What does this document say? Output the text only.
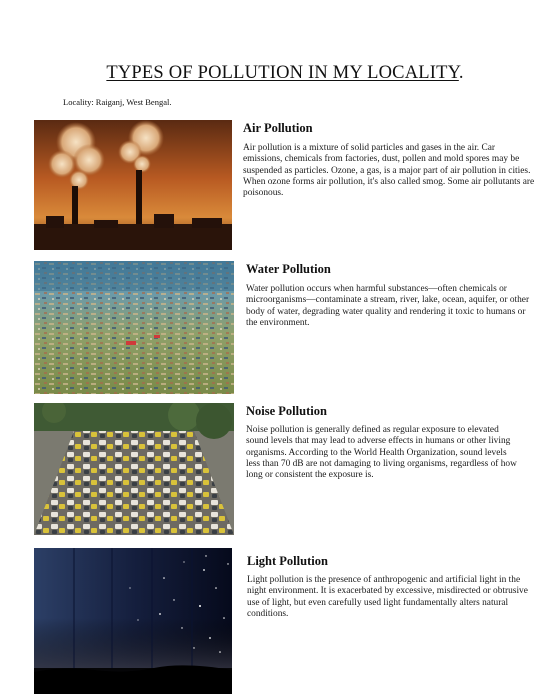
TYPES OF POLLUTION IN MY LOCALITY.
Locality: Raiganj, West Bengal.
Air Pollution
Air pollution is a mixture of solid particles and gases in the air. Car emissions, chemicals from factories, dust, pollen and mold spores may be suspended as particles. Ozone, a gas, is a major part of air pollution in cities. When ozone forms air pollution, it's also called smog. Some air pollutants are poisonous.
Water Pollution
Water pollution occurs when harmful substances—often chemicals or microorganisms—contaminate a stream, river, lake, ocean, aquifer, or other body of water, degrading water quality and rendering it toxic to humans or the environment.
Noise Pollution
Noise pollution is generally defined as regular exposure to elevated sound levels that may lead to adverse effects in humans or other living organisms. According to the World Health Organization, sound levels less than 70 dB are not damaging to living organisms, regardless of how long or consistent the exposure is.
Light Pollution
Light pollution is the presence of anthropogenic and artificial light in the night environment. It is exacerbated by excessive, misdirected or obtrusive use of light, but even carefully used light fundamentally alters natural conditions.
